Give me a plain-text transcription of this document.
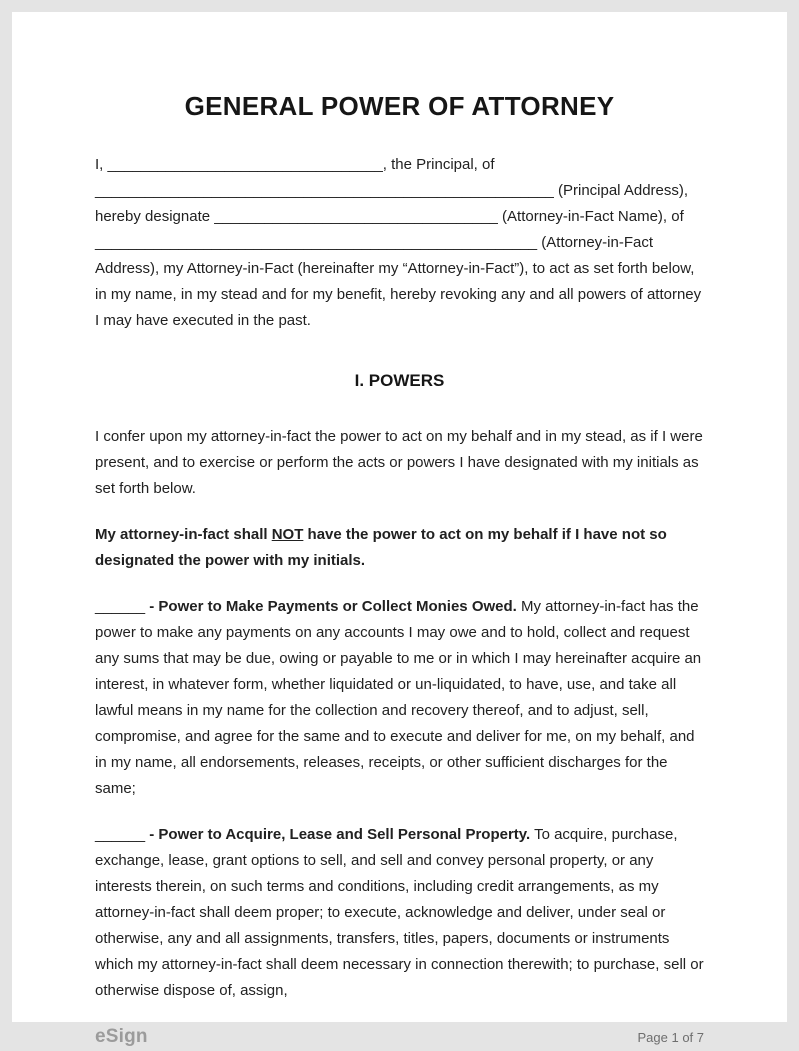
GENERAL POWER OF ATTORNEY

I, _________________________________, the Principal, of _______________________________________________________ (Principal Address), hereby designate __________________________________ (Attorney-in-Fact Name), of _____________________________________________________ (Attorney-in-Fact Address), my Attorney-in-Fact (hereinafter my “Attorney-in-Fact”), to act as set forth below, in my name, in my stead and for my benefit, hereby revoking any and all powers of attorney I may have executed in the past.

I. POWERS

I confer upon my attorney-in-fact the power to act on my behalf and in my stead, as if I were present, and to exercise or perform the acts or powers I have designated with my initials as set forth below.

My attorney-in-fact shall NOT have the power to act on my behalf if I have not so designated the power with my initials.

______ - Power to Make Payments or Collect Monies Owed. My attorney-in-fact has the power to make any payments on any accounts I may owe and to hold, collect and request any sums that may be due, owing or payable to me or in which I may hereinafter acquire an interest, in whatever form, whether liquidated or un-liquidated, to have, use, and take all lawful means in my name for the collection and recovery thereof, and to adjust, sell, compromise, and agree for the same and to execute and deliver for me, on my behalf, and in my name, all endorsements, releases, receipts, or other sufficient discharges for the same;

______ - Power to Acquire, Lease and Sell Personal Property. To acquire, purchase, exchange, lease, grant options to sell, and sell and convey personal property, or any interests therein, on such terms and conditions, including credit arrangements, as my attorney-in-fact shall deem proper; to execute, acknowledge and deliver, under seal or otherwise, any and all assignments, transfers, titles, papers, documents or instruments which my attorney-in-fact shall deem necessary in connection therewith; to purchase, sell or otherwise dispose of, assign,

eSign	Page 1 of 7
